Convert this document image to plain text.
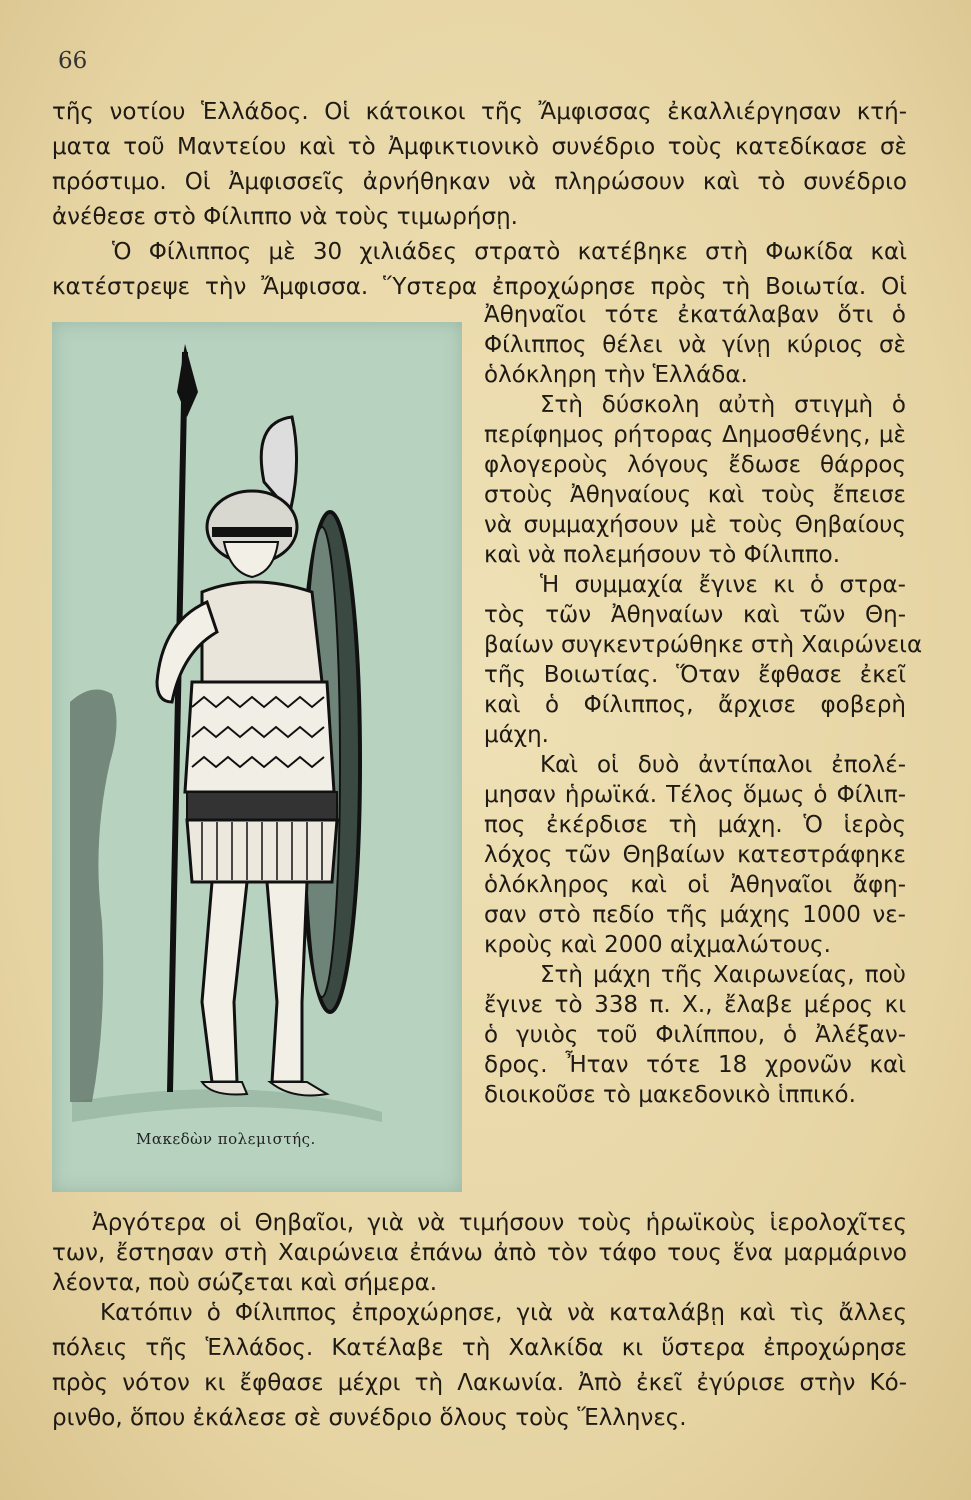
66
τῆς νοτίου Ἑλλάδος. Οἱ κάτοικοι τῆς Ἄμφισσας ἐκαλλιέργησαν κτή-
ματα τοῦ Μαντείου καὶ τὸ Ἀμφικτιονικὸ συνέδριο τοὺς κατεδίκασε σὲ
πρόστιμο. Οἱ Ἀμφισσεῖς ἀρνήθηκαν νὰ πληρώσουν καὶ τὸ συνέδριο
ἀνέθεσε στὸ Φίλιππο νὰ τοὺς τιμωρήσῃ.
Ὁ Φίλιππος μὲ 30 χιλιάδες στρατὸ κατέβηκε στὴ Φωκίδα καὶ
κατέστρεψε τὴν Ἄμφισσα. Ὕστερα ἐπροχώρησε πρὸς τὴ Βοιωτία. Οἱ
Μακεδὼν πολεμιστής.
Ἀθηναῖοι τότε ἐκατάλαβαν ὅτι ὁ
Φίλιππος θέλει νὰ γίνῃ κύριος σὲ
ὁλόκληρη τὴν Ἑλλάδα.
Στὴ δύσκολη αὐτὴ στιγμὴ ὁ
περίφημος ρήτορας Δημοσθένης, μὲ
φλογεροὺς λόγους ἔδωσε θάρρος
στοὺς Ἀθηναίους καὶ τοὺς ἔπεισε
νὰ συμμαχήσουν μὲ τοὺς Θηβαίους
καὶ νὰ πολεμήσουν τὸ Φίλιππο.
Ἡ συμμαχία ἔγινε κι ὁ στρα-
τὸς τῶν Ἀθηναίων καὶ τῶν Θη-
βαίων συγκεντρώθηκε στὴ Χαιρώνεια
τῆς Βοιωτίας. Ὅταν ἔφθασε ἐκεῖ
καὶ ὁ Φίλιππος, ἄρχισε φοβερὴ
μάχη.
Καὶ οἱ δυὸ ἀντίπαλοι ἐπολέ-
μησαν ἡρωϊκά. Τέλος ὅμως ὁ Φίλιπ-
πος ἐκέρδισε τὴ μάχη. Ὁ ἱερὸς
λόχος τῶν Θηβαίων κατεστράφηκε
ὁλόκληρος καὶ οἱ Ἀθηναῖοι ἄφη-
σαν στὸ πεδίο τῆς μάχης 1000 νε-
κροὺς καὶ 2000 αἰχμαλώτους.
Στὴ μάχη τῆς Χαιρωνείας, ποὺ
ἔγινε τὸ 338 π. Χ., ἔλαβε μέρος κι
ὁ γυιὸς τοῦ Φιλίππου, ὁ Ἀλέξαν-
δρος. Ἦταν τότε 18 χρονῶν καὶ
διοικοῦσε τὸ μακεδονικὸ ἱππικό.
Ἀργότερα οἱ Θηβαῖοι, γιὰ νὰ τιμήσουν τοὺς ἡρωϊκοὺς ἱερολοχῖτες
των, ἔστησαν στὴ Χαιρώνεια ἐπάνω ἀπὸ τὸν τάφο τους ἕνα μαρμάρινο
λέοντα, ποὺ σώζεται καὶ σήμερα.
Κατόπιν ὁ Φίλιππος ἐπροχώρησε, γιὰ νὰ καταλάβῃ καὶ τὶς ἄλλες
πόλεις τῆς Ἑλλάδος. Κατέλαβε τὴ Χαλκίδα κι ὕστερα ἐπροχώρησε
πρὸς νότον κι ἔφθασε μέχρι τὴ Λακωνία. Ἀπὸ ἐκεῖ ἐγύρισε στὴν Κό-
ρινθο, ὅπου ἐκάλεσε σὲ συνέδριο ὅλους τοὺς Ἕλληνες.
